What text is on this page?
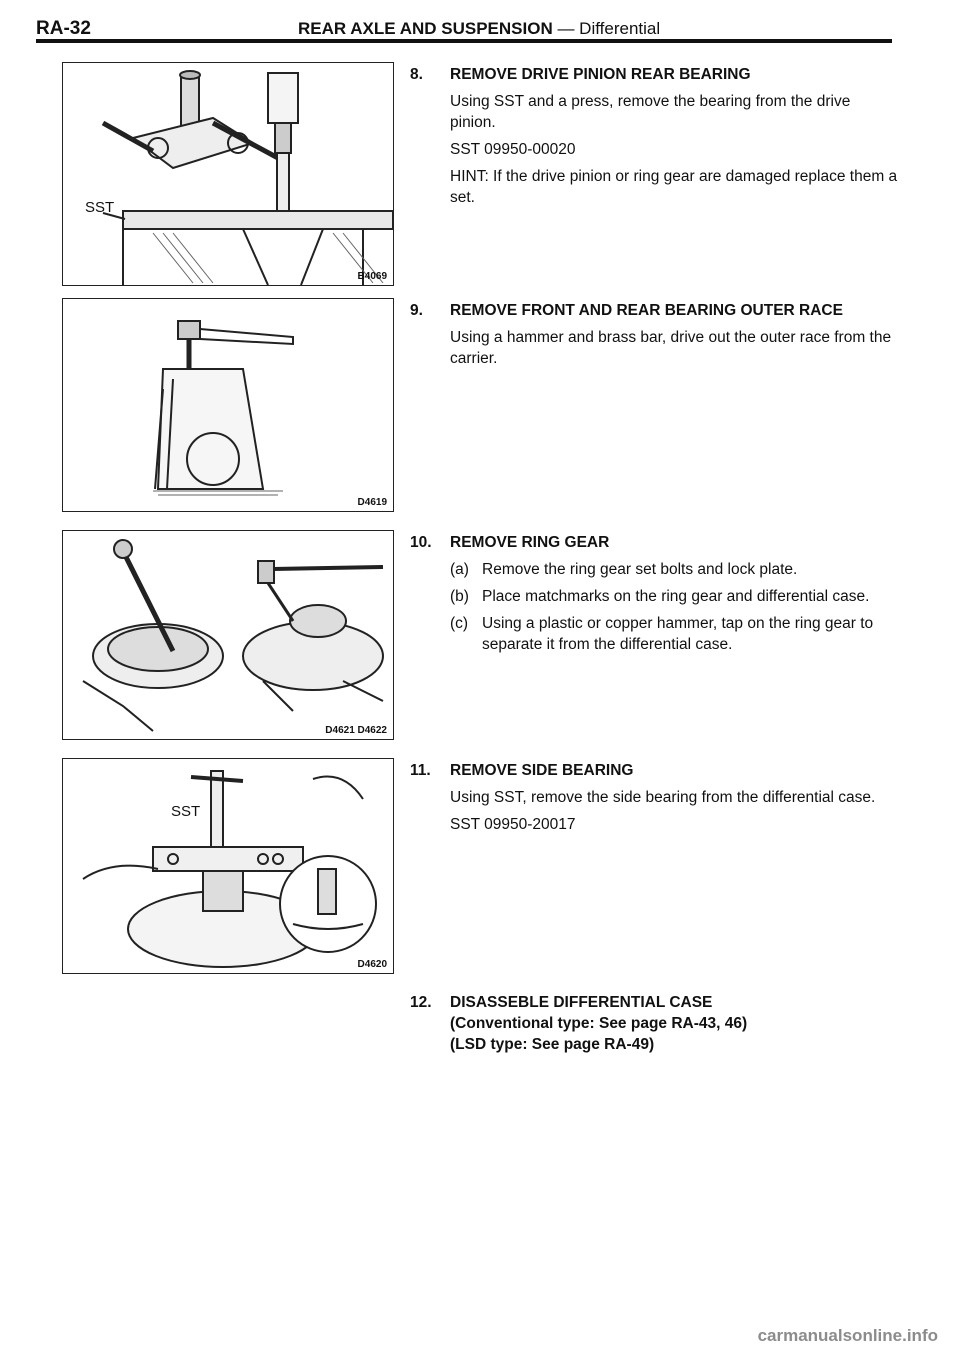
RA-32	REAR AXLE AND SUSPENSION — Differential
SST
B4069
D4619
D4621 D4622
SST
D4620
8. REMOVE DRIVE PINION REAR BEARING

Using SST and a press, remove the bearing from the drive pinion.

SST 09950-00020

HINT: If the drive pinion or ring gear are damaged replace them a set.

9. REMOVE FRONT AND REAR BEARING OUTER RACE

Using a hammer and brass bar, drive out the outer race from the carrier.

10. REMOVE RING GEAR
(a) Remove the ring gear set bolts and lock plate.
(b) Place matchmarks on the ring gear and differential case.
(c) Using a plastic or copper hammer, tap on the ring gear to separate it from the differential case.
11. REMOVE SIDE BEARING

Using SST, remove the side bearing from the differential case.

SST 09950-20017

12. DISASSEBLE DIFFERENTIAL CASE
(Conventional type: See page RA-43, 46)
(LSD type: See page RA-49)
carmanualsonline.info
